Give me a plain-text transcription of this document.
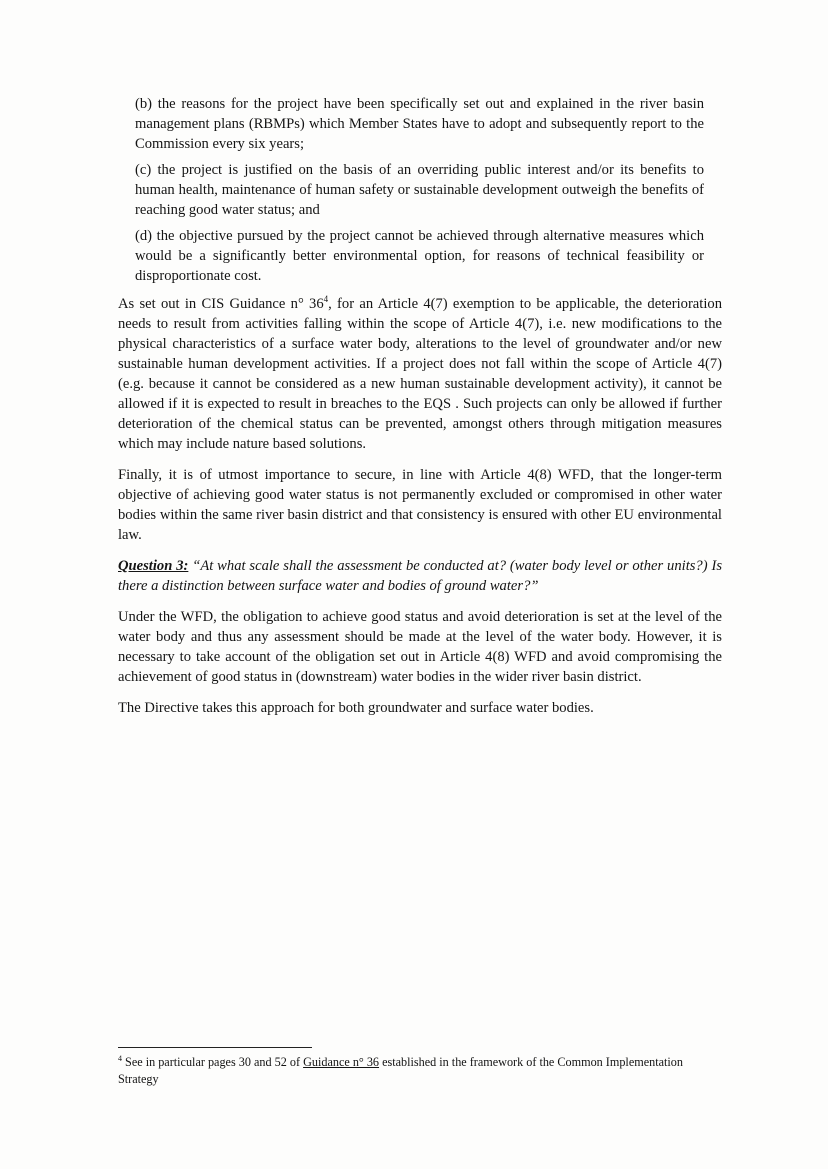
(b) the reasons for the project have been specifically set out and explained in the river basin management plans (RBMPs) which Member States have to adopt and subsequently report to the Commission every six years;

(c) the project is justified on the basis of an overriding public interest and/or its benefits to human health, maintenance of human safety or sustainable development outweigh the benefits of reaching good water status; and

(d) the objective pursued by the project cannot be achieved through alternative measures which would be a significantly better environmental option, for reasons of technical feasibility or disproportionate cost.

As set out in CIS Guidance n° $36^4$, for an Article 4(7) exemption to be applicable, the deterioration needs to result from activities falling within the scope of Article 4(7), i.e. new modifications to the physical characteristics of a surface water body, alterations to the level of groundwater and/or new sustainable human development activities. If a project does not fall within the scope of Article 4(7) (e.g. because it cannot be considered as a new human sustainable development activity), it cannot be allowed if it is expected to result in breaches to the EQS . Such projects can only be allowed if further deterioration of the chemical status can be prevented, amongst others through mitigation measures which may include nature based solutions.

Finally, it is of utmost importance to secure, in line with Article 4(8) WFD, that the longer-term objective of achieving good water status is not permanently excluded or compromised in other water bodies within the same river basin district and that consistency is ensured with other EU environmental law.

Question 3: “At what scale shall the assessment be conducted at? (water body level or other units?) Is there a distinction between surface water and bodies of ground water?”

Under the WFD, the obligation to achieve good status and avoid deterioration is set at the level of the water body and thus any assessment should be made at the level of the water body. However, it is necessary to take account of the obligation set out in Article 4(8) WFD and avoid compromising the achievement of good status in (downstream) water bodies in the wider river basin district.

The Directive takes this approach for both groundwater and surface water bodies.

$^4$ See in particular pages 30 and 52 of Guidance n° 36 established in the framework of the Common Implementation Strategy
